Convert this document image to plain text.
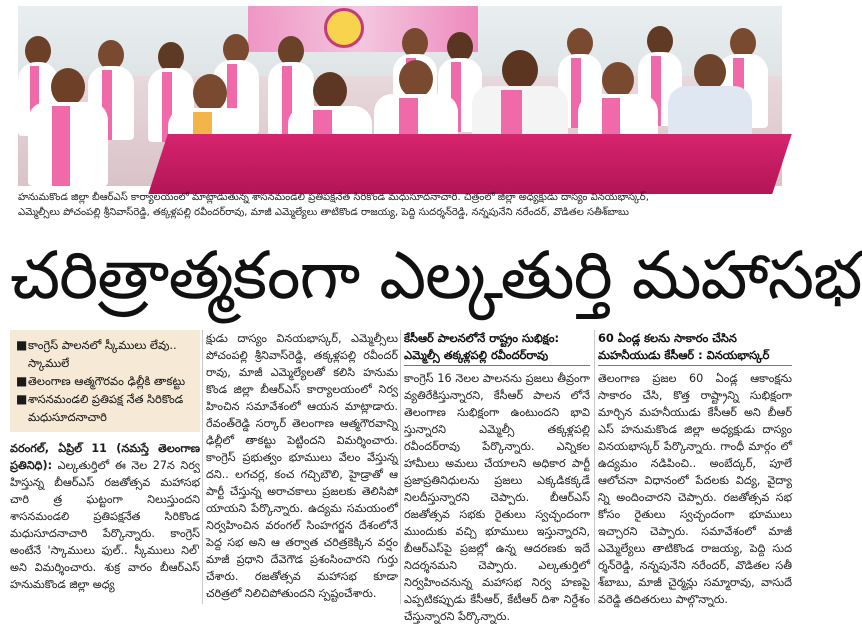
హనుమకొండ జిల్లా బీఆర్ఎస్ కార్యాలయంలో మాట్లాడుతున్న శాసనమండలి ప్రతిపక్షనేత సిరికొండ మధుసూదనాచారి. చిత్రంలో జిల్లా అధ్యక్షుడు దాస్యం వినయభాస్కర్,
ఎమ్మెల్సీలు పోచంపల్లి శ్రీనివాస్‌రెడ్డి, తక్కళ్లపల్లి రవీందర్‌రావు, మాజీ ఎమ్మెల్యేలు తాటికొండ రాజయ్య, పెద్ది సుదర్శన్‌రెడ్డి, నన్నపునేని నరేందర్, వొడితల సతీశ్‌బాబు
చరిత్రాత్మకంగా ఎల్కతుర్తి మహాసభ
■ కాంగ్రెస్ పాలనలో స్కీములు లేవు.. స్కాములే
■ తెలంగాణ ఆత్మగౌరవం ఢిల్లీకి తాకట్టు
■ శాసనమండలి ప్రతిపక్ష నేత సిరికొండ మధుసూదనాచారి

వరంగల్, ఏప్రిల్ 11 (నమస్తే తెలంగాణ ప్రతినిధి): ఎల్కతుర్తిలో ఈ నెల 27న నిర్వ హిస్తున్న బీఆర్ఎస్ రజతోత్సవ మహాసభ చారి త్ర ఘట్టంగా నిలుస్తుందని శాసనమండలి ప్రతిపక్షనేత సిరికొండ మధుసూదనాచారి పేర్కొన్నారు. కాంగ్రెస్ అంటేనే 'స్కాములు ఫుల్.. స్కీములు నిల్' అని విమర్శించారు. శుక్ర వారం బీఆర్ఎస్ హనుమకొండ జిల్లా అధ్య

క్షుడు దాస్యం వినయభాస్కర్, ఎమ్మెల్సీలు పోచంపల్లి శ్రీనివాస్‌రెడ్డి, తక్కళ్లపల్లి రవీందర్ రావు, మాజీ ఎమ్మెల్యేలతో కలిసి హనుమ కొండ జిల్లా బీఆర్ఎస్ కార్యాలయంలో నిర్వ హించిన సమావేశంలో ఆయన మాట్లాడారు. రేవంత్‌రెడ్డి సర్కార్ తెలంగాణ ఆత్మగౌరవాన్ని ఢిల్లీలో తాకట్టు పెట్టిందని విమర్శించారు. కాంగ్రెస్ ప్రభుత్వం భూములు వేలం వేస్తున్న దని.. లగచర్ల, కంచ గచ్చిబౌలి, హైడ్రాతో ఆ పార్టీ చేస్తున్న అరాచకాలు ప్రజలకు తెలిసిపో యాయని పేర్కొన్నారు. ఉద్యమ సమయంలో నిర్వహించిన వరంగల్ సింహగర్జన దేశంలోనే పెద్ద సభ అని ఆ తర్వాత చరిత్రకెక్కిన వర్షం మాజీ ప్రధాని దేవెగౌడ ప్రశంసించారని గుర్తు చేశారు. రజతోత్సవ మహాసభ కూడా చరిత్రలో నిలిచిపోతుందని స్పష్టంచేశారు.

కేసీఆర్ పాలనలోనే రాష్ట్రం సుభిక్షం: ఎమ్మెల్సీ తక్కళ్లపల్లి రవీందర్‌రావు

కాంగ్రెస్ 16 నెలల పాలనను ప్రజలు తీవ్రంగా వ్యతిరేకిస్తున్నారని, కేసీఆర్ పాలన లోనే తెలంగాణ సుభిక్షంగా ఉంటుందని భావి స్తున్నారని ఎమ్మెల్సీ తక్కళ్లపల్లి రవీందర్‌రావు పేర్కొన్నారు. ఎన్నికల హామీలు అమలు చేయాలని అధికార పార్టీ ప్రజాప్రతినిధులను ప్రజలు ఎక్కడికక్కడే నిలదీస్తున్నారని చెప్పారు. బీఆర్ఎస్ రజతోత్సవ సభకు రైతులు స్వచ్ఛందంగా ముందుకు వచ్చి భూములు ఇస్తున్నారని, బీఆర్ఎస్‌పై ప్రజల్లో ఉన్న ఆదరణకు ఇదే నిదర్శనమని చెప్పారు. ఎల్కతుర్తిలో నిర్వహించనున్న మహాసభ నిర్వ హణపై ఎప్పటికప్పుడు కేసీఆర్, కేటీఆర్ దిశా నిర్దేశం చేస్తున్నారని పేర్కొన్నారు.

60 ఏండ్ల కలను సాకారం చేసిన మహనీయుడు కేసీఆర్ : వినయభాస్కర్

తెలంగాణ ప్రజల 60 ఏండ్ల ఆకాంక్షను సాకారం చేసి, కొత్త రాష్ట్రాన్ని సుభిక్షంగా మార్చిన మహనీయుడు కేసీఆర్ అని బీఆర్ ఎస్ హనుమకొండ జిల్లా అధ్యక్షుడు దాస్యం వినయభాస్కర్ పేర్కొన్నారు. గాంధీ మార్గం లో ఉద్యమం నడిపించి.. అంబేద్కర్, పూలే ఆలోచనా విధానంలో పేదలకు విద్య, వైద్యా న్ని అందించారని చెప్పారు. రజతోత్సవ సభ కోసం రైతులు స్వచ్ఛందంగా భూములు ఇచ్చారని చెప్పారు. సమావేశంలో మాజీ ఎమ్మెల్యేలు తాటికొండ రాజయ్య, పెద్ది సుద ర్శన్‌రెడ్డి, నన్నపునేని నరేందర్, వొడితల సతీ శ్‌బాబు, మాజీ చైర్మన్లు సమ్మారావు, వాసుదే వరెడ్డి తదితరులు పాల్గొన్నారు.
